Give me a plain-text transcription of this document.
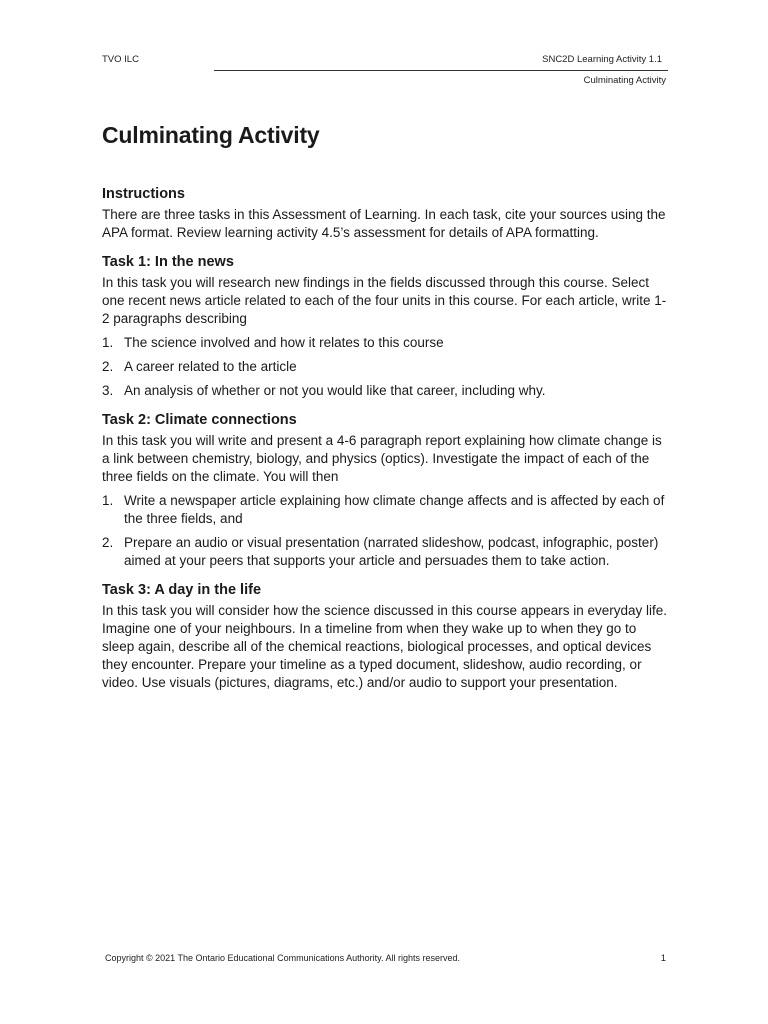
TVO ILC	SNC2D Learning Activity 1.1
Culminating Activity
Culminating Activity
Instructions

There are three tasks in this Assessment of Learning. In each task, cite your sources using the APA format. Review learning activity 4.5’s assessment for details of APA formatting.

Task 1: In the news

In this task you will research new findings in the fields discussed through this course. Select one recent news article related to each of the four units in this course. For each article, write 1-2 paragraphs describing

1. The science involved and how it relates to this course
2. A career related to the article
3. An analysis of whether or not you would like that career, including why.
Task 2: Climate connections

In this task you will write and present a 4-6 paragraph report explaining how climate change is a link between chemistry, biology, and physics (optics). Investigate the impact of each of the three fields on the climate. You will then

1. Write a newspaper article explaining how climate change affects and is affected by each of the three fields, and
2. Prepare an audio or visual presentation (narrated slideshow, podcast, infographic, poster) aimed at your peers that supports your article and persuades them to take action.
Task 3: A day in the life

In this task you will consider how the science discussed in this course appears in everyday life. Imagine one of your neighbours. In a timeline from when they wake up to when they go to sleep again, describe all of the chemical reactions, biological processes, and optical devices they encounter. Prepare your timeline as a typed document, slideshow, audio recording, or video. Use visuals (pictures, diagrams, etc.) and/or audio to support your presentation.

Copyright © 2021 The Ontario Educational Communications Authority. All rights reserved.	1
